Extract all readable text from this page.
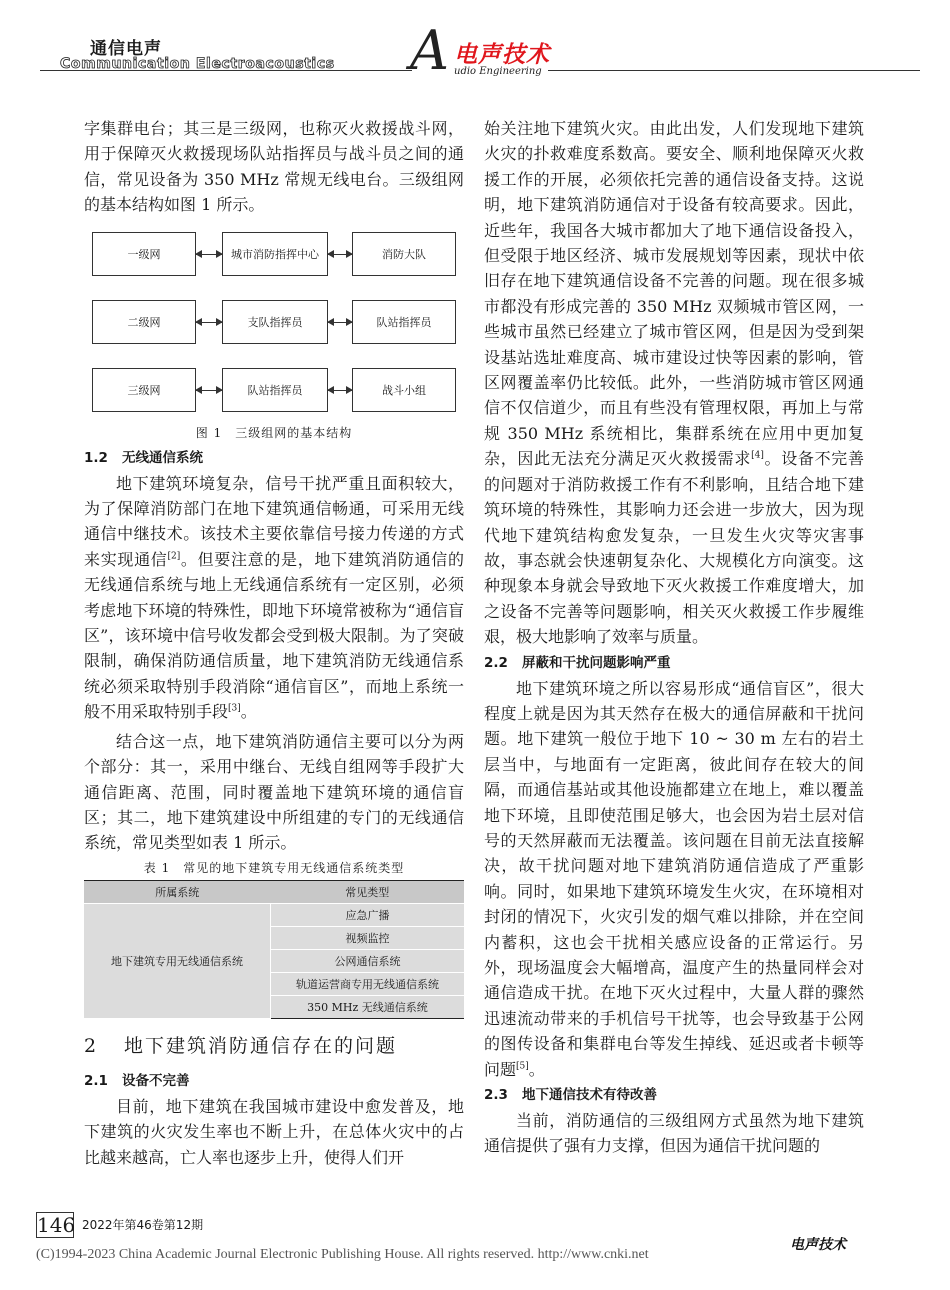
通信电声
Communication Electroacoustics A 电声技术
udio Engineering

字集群电台；其三是三级网，也称灭火救援战斗网，用于保障灭火救援现场队站指挥员与战斗员之间的通信，常见设备为 350 MHz 常规无线电台。三级组网的基本结构如图 1 所示。

一级网	城市消防指挥中心	消防大队
二级网	支队指挥员	队站指挥员
三级网	队站指挥员	战斗小组

图 1　三级组网的基本结构

1.2 无线通信系统

地下建筑环境复杂，信号干扰严重且面积较大，为了保障消防部门在地下建筑通信畅通，可采用无线通信中继技术。该技术主要依靠信号接力传递的方式来实现通信[2]。但要注意的是，地下建筑消防通信的无线通信系统与地上无线通信系统有一定区别，必须考虑地下环境的特殊性，即地下环境常被称为“通信盲区”，该环境中信号收发都会受到极大限制。为了突破限制，确保消防通信质量，地下建筑消防无线通信系统必须采取特别手段消除“通信盲区”，而地上系统一般不用采取特别手段[3]。

结合这一点，地下建筑消防通信主要可以分为两个部分：其一，采用中继台、无线自组网等手段扩大通信距离、范围，同时覆盖地下建筑环境的通信盲区；其二，地下建筑建设中所组建的专门的无线通信系统，常见类型如表 1 所示。

表 1　常见的地下建筑专用无线通信系统类型

所属系统	常见类型
地下建筑专用无线通信系统	应急广播
	视频监控
	公网通信系统
	轨道运营商专用无线通信系统
	350 MHz 无线通信系统
2 地下建筑消防通信存在的问题
2.1 设备不完善

目前，地下建筑在我国城市建设中愈发普及，地下建筑的火灾发生率也不断上升，在总体火灾中的占比越来越高，亡人率也逐步上升，使得人们开

始关注地下建筑火灾。由此出发，人们发现地下建筑火灾的扑救难度系数高。要安全、顺利地保障灭火救援工作的开展，必须依托完善的通信设备支持。这说明，地下建筑消防通信对于设备有较高要求。因此，近些年，我国各大城市都加大了地下通信设备投入，但受限于地区经济、城市发展规划等因素，现状中依旧存在地下建筑通信设备不完善的问题。现在很多城市都没有形成完善的 350 MHz 双频城市管区网，一些城市虽然已经建立了城市管区网，但是因为受到架设基站选址难度高、城市建设过快等因素的影响，管区网覆盖率仍比较低。此外，一些消防城市管区网通信不仅信道少，而且有些没有管理权限，再加上与常规 350 MHz 系统相比，集群系统在应用中更加复杂，因此无法充分满足灭火救援需求[4]。设备不完善的问题对于消防救援工作有不利影响，且结合地下建筑环境的特殊性，其影响力还会进一步放大，因为现代地下建筑结构愈发复杂，一旦发生火灾等灾害事故，事态就会快速朝复杂化、大规模化方向演变。这种现象本身就会导致地下灭火救援工作难度增大，加之设备不完善等问题影响，相关灭火救援工作步履维艰，极大地影响了效率与质量。

2.2 屏蔽和干扰问题影响严重

地下建筑环境之所以容易形成“通信盲区”，很大程度上就是因为其天然存在极大的通信屏蔽和干扰问题。地下建筑一般位于地下 10 ~ 30 m 左右的岩土层当中，与地面有一定距离，彼此间存在较大的间隔，而通信基站或其他设施都建立在地上，难以覆盖地下环境，且即使范围足够大，也会因为岩土层对信号的天然屏蔽而无法覆盖。该问题在目前无法直接解决，故干扰问题对地下建筑消防通信造成了严重影响。同时，如果地下建筑环境发生火灾，在环境相对封闭的情况下，火灾引发的烟气难以排除，并在空间内蓄积，这也会干扰相关感应设备的正常运行。另外，现场温度会大幅增高，温度产生的热量同样会对通信造成干扰。在地下灭火过程中，大量人群的骤然迅速流动带来的手机信号干扰等，也会导致基于公网的图传设备和集群电台等发生掉线、延迟或者卡顿等问题[5]。

2.3 地下通信技术有待改善

当前，消防通信的三级组网方式虽然为地下建筑通信提供了强有力支撑，但因为通信干扰问题的

146 2022年第46卷第12期
(C)1994-2023 China Academic Journal Electronic Publishing House. All rights reserved. http://www.cnki.net
电声技术
